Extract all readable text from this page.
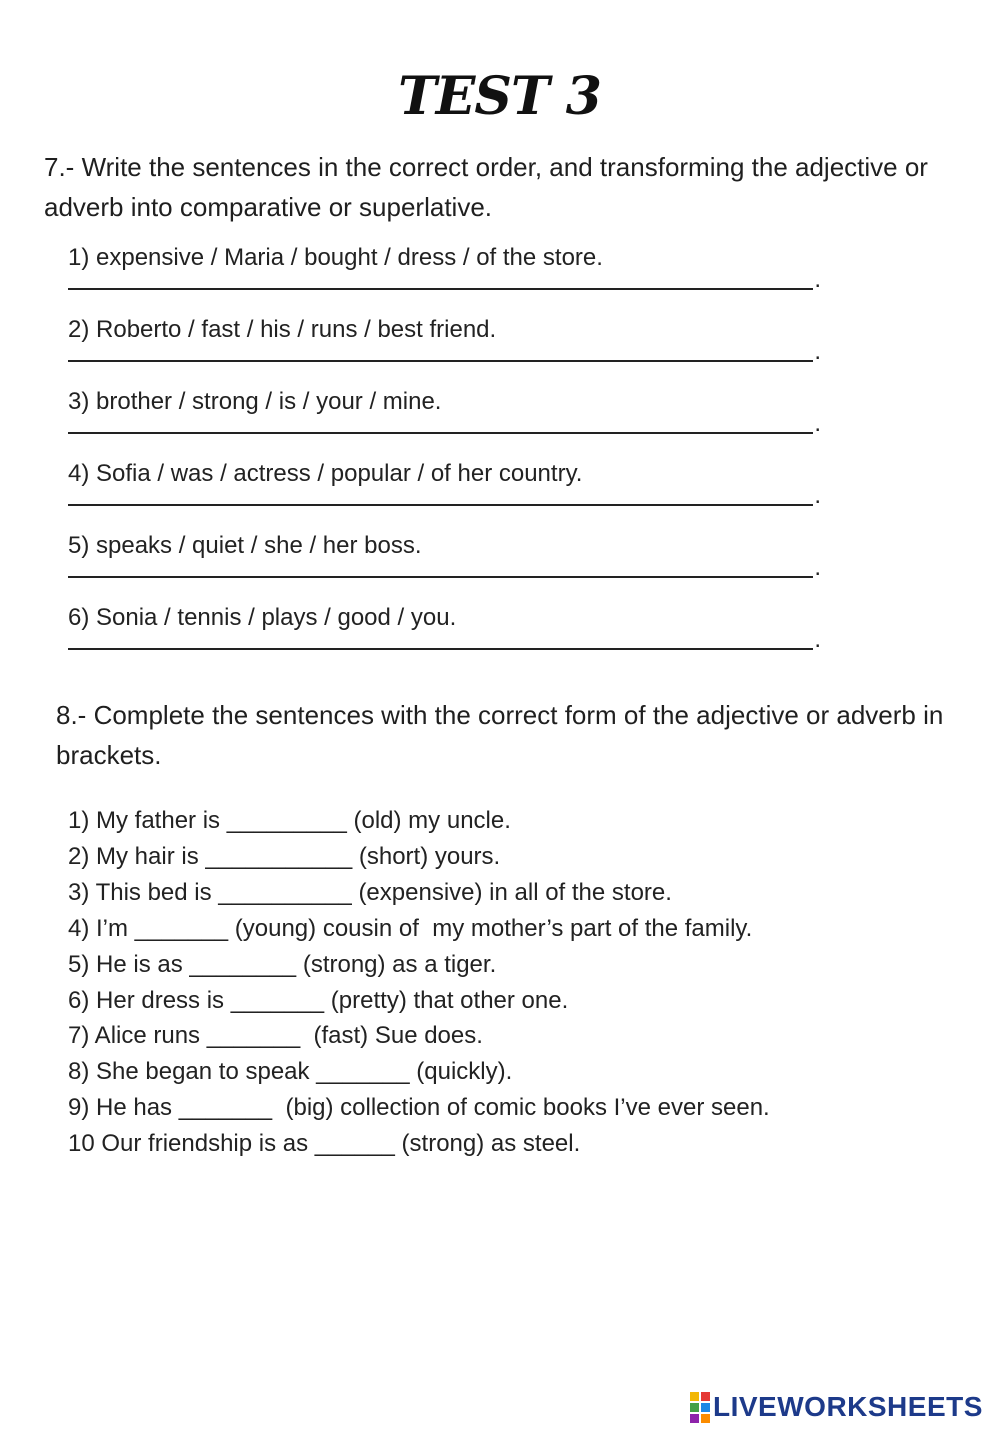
TEST 3
7.- Write the sentences in the correct order, and transforming the adjective or adverb into comparative or superlative.
1) expensive / Maria / bought / dress / of the store.
.
2) Roberto / fast / his / runs / best friend.
.
3) brother / strong / is / your / mine.
.
4) Sofia / was / actress / popular / of her country.
.
5) speaks / quiet / she / her boss.
.
6) Sonia / tennis / plays / good / you.
.
8.- Complete the sentences with the correct form of the adjective or adverb in brackets.
1) My father is _________ (old) my uncle.
2) My hair is ___________ (short) yours.
3) This bed is __________ (expensive) in all of the store.
4) I’m _______ (young) cousin of  my mother’s part of the family.
5) He is as ________ (strong) as a tiger.
6) Her dress is _______ (pretty) that other one.
7) Alice runs _______  (fast) Sue does.
8) She began to speak _______ (quickly).
9) He has _______  (big) collection of comic books I’ve ever seen.
10 Our friendship is as ______ (strong) as steel.
LIVEWORKSHEETS
